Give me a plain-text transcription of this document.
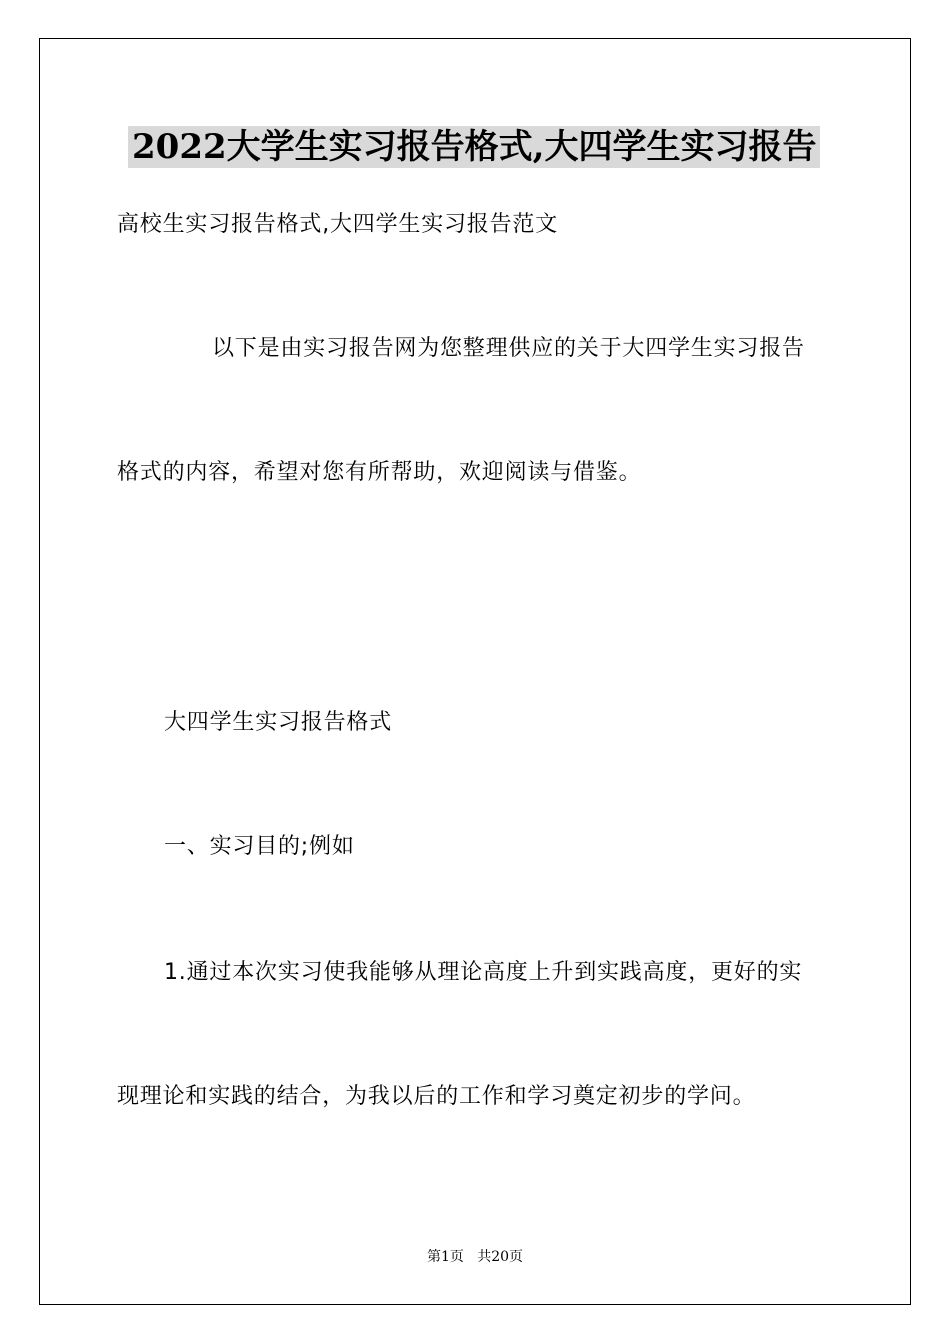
2022大学生实习报告格式,大四学生实习报告
高校生实习报告格式,大四学生实习报告范文
以下是由实习报告网为您整理供应的关于大四学生实习报告
格式的内容，希望对您有所帮助，欢迎阅读与借鉴。
大四学生实习报告格式
一、实习目的;例如
1.通过本次实习使我能够从理论高度上升到实践高度，更好的实
现理论和实践的结合，为我以后的工作和学习奠定初步的学问。
第1页   共20页
